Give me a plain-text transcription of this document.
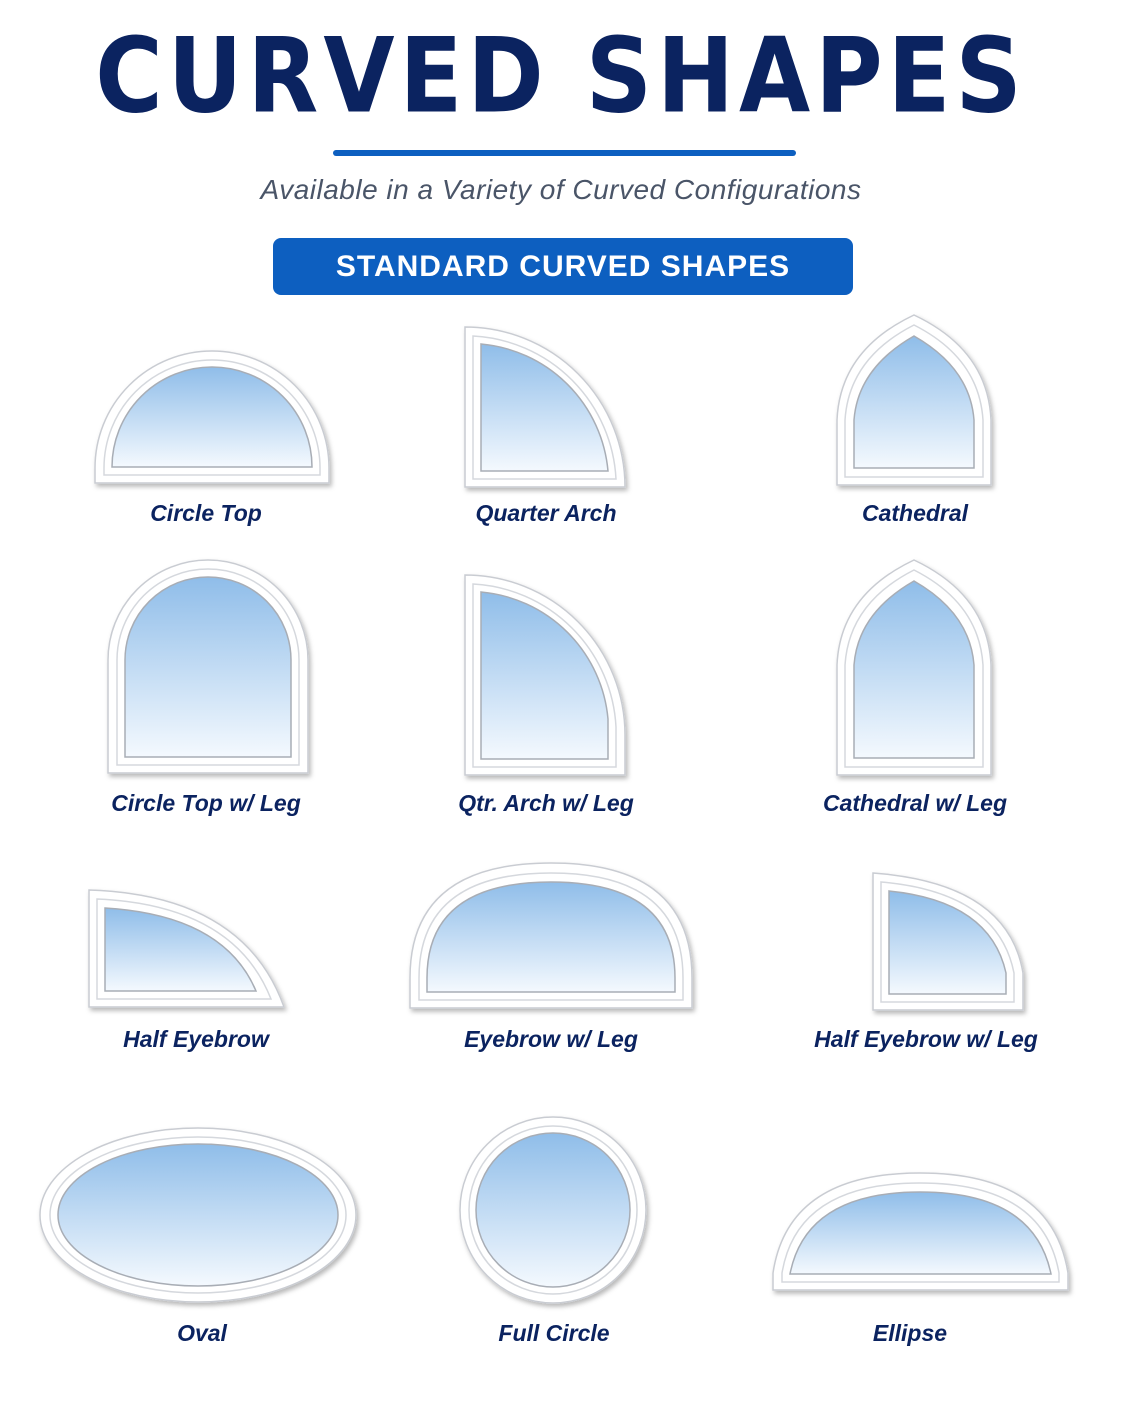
CURVED SHAPES
Available in a Variety of Curved Configurations
STANDARD CURVED SHAPES
Circle Top	Quarter Arch	Cathedral
Circle Top w/ Leg	Qtr. Arch w/ Leg	Cathedral w/ Leg
Half Eyebrow	Eyebrow w/ Leg	Half Eyebrow w/ Leg
Oval	Full Circle	Ellipse
